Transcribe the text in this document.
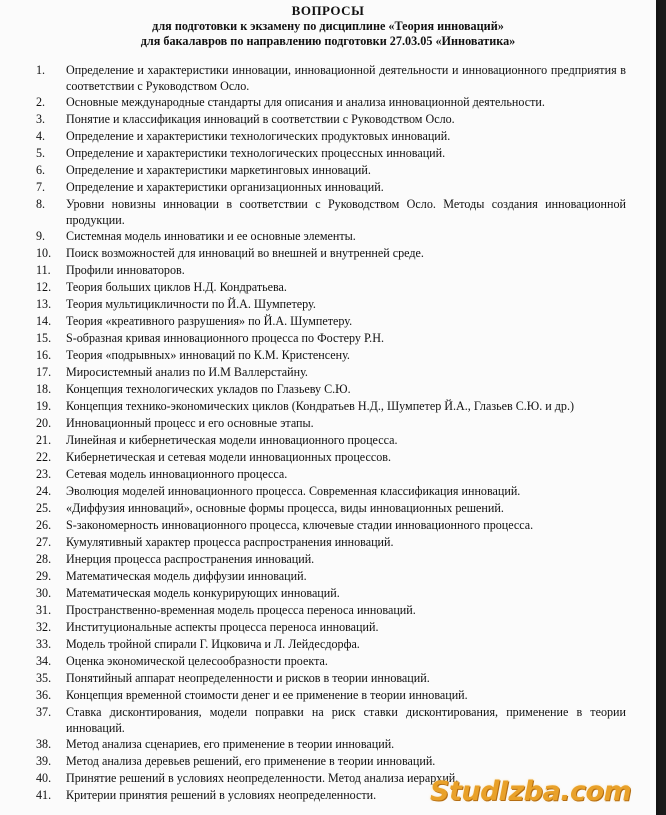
ВОПРОСЫ
для подготовки к экзамену по дисциплине «Теория инноваций»
для бакалавров по направлению подготовки 27.03.05 «Инноватика»
1.	Определение и характеристики инновации, инновационной деятельности и инновационного предприятия в соответствии с Руководством Осло.
2.	Основные международные стандарты для описания и анализа инновационной деятельности.
3.	Понятие и классификация инноваций в соответствии с Руководством Осло.
4.	Определение и характеристики технологических продуктовых инноваций.
5.	Определение и характеристики технологических процессных инноваций.
6.	Определение и характеристики маркетинговых инноваций.
7.	Определение и характеристики организационных инноваций.
8.	Уровни новизны инновации в соответствии с Руководством Осло. Методы создания инновационной продукции.
9.	Системная модель инноватики и ее основные элементы.
10.	Поиск возможностей для инноваций во внешней и внутренней среде.
11.	Профили инноваторов.
12.	Теория больших циклов Н.Д. Кондратьева.
13.	Теория мультицикличности по Й.А. Шумпетеру.
14.	Теория «креативного разрушения» по Й.А. Шумпетеру.
15.	S-образная кривая инновационного процесса по Фостеру Р.Н.
16.	Теория «подрывных» инноваций по К.М. Кристенсену.
17.	Миросистемный анализ по И.М Валлерстайну.
18.	Концепция технологических укладов по Глазьеву С.Ю.
19.	Концепция технико-экономических циклов (Кондратьев Н.Д., Шумпетер Й.А., Глазьев С.Ю. и др.)
20.	Инновационный процесс и его основные этапы.
21.	Линейная и кибернетическая модели инновационного процесса.
22.	Кибернетическая и сетевая модели инновационных процессов.
23.	Сетевая модель инновационного процесса.
24.	Эволюция моделей инновационного процесса. Современная классификация инноваций.
25.	«Диффузия инноваций», основные формы процесса, виды инновационных решений.
26.	S-закономерность инновационного процесса, ключевые стадии инновационного процесса.
27.	Кумулятивный характер процесса распространения инноваций.
28.	Инерция процесса распространения инноваций.
29.	Математическая модель диффузии инноваций.
30.	Математическая модель конкурирующих инноваций.
31.	Пространственно-временная модель процесса переноса инноваций.
32.	Институциональные аспекты процесса переноса инноваций.
33.	Модель тройной спирали Г. Ицковича и Л. Лейдесдорфа.
34.	Оценка экономической целесообразности проекта.
35.	Понятийный аппарат неопределенности и рисков в теории инноваций.
36.	Концепция временной стоимости денег и ее применение в теории инноваций.
37.	Ставка дисконтирования, модели поправки на риск ставки дисконтирования, применение в теории инноваций.
38.	Метод анализа сценариев, его применение в теории инноваций.
39.	Метод анализа деревьев решений, его применение в теории инноваций.
40.	Принятие решений в условиях неопределенности. Метод анализа иерархий.
41.	Критерии принятия решений в условиях неопределенности.	StudIzba.com
